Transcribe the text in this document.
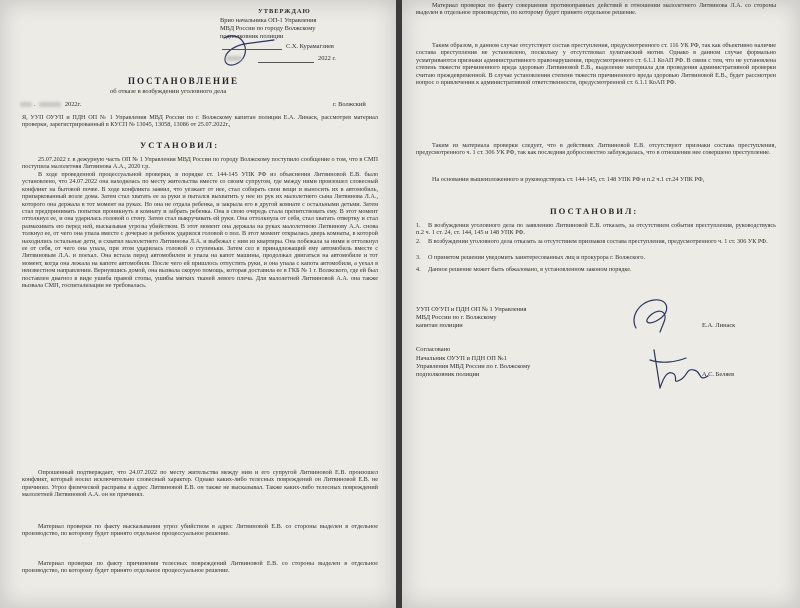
УТВЕРЖДАЮ
Врио начальника ОП-1 Управления
МВД России по городу Волжскому
подполковник полиции
С.Х. Курамагзиев
2022 г.
ПОСТАНОВЛЕНИЕ
об отказе в возбуждении уголовного дела
.	2022г.	г. Волжский
Я, УУП ОУУП и ПДН ОП № 1 Управления МВД России по г. Волжскому капитан полиции Е.А. Линаск, рассмотрев материал проверки, зарегистрированный в КУСП № 13045, 13058, 13086 от 25.07.2022г.,
УСТАНОВИЛ:
25.07.2022 г. в дежурную часть ОП № 1 Управления МВД России по городу Волжскому поступило сообщение о том, что в СМП поступила малолетняя Литвинова А.А., 2020 г.р.
В ходе проведенной процессуальной проверки, в порядке ст. 144-145 УПК РФ из объяснения Литвиновой Е.В. было установлено, что 24.07.2022 она находилась по месту жительства вместе со своим супругом, где между ними произошел словесный конфликт на бытовой почве. В ходе конфликта заявил, что уезжает от нее, стал собирать свои вещи и выносить их в автомобиль, припаркованный возле дома. Затем стал хватать ее за руки и пытался выхватить у нее из рук их малолетнего сына Литвинова Л.А., которого она держала в тот момент на руках. Но она не отдала ребенка, и закрыла его в другой комнате с остальными детьми. Затем стал предпринимать попытки проникнуть в комнату и забрать ребенка. Она в свою очередь стала препятствовать ему. В этот момент оттолкнул ее, и она ударилась головой о стену. Затем стал выкручивать ей руки. Она оттолкнула от себя, стал хватать отвертку и стал размахивать ею перед ней, высказывая угрозы убийством. В этот момент она держала на руках малолетнюю Литвинову А.А. снова толкнул ее, от чего она упала вместе с дочерью и ребенок ударился головой о пол. В этот момент открылась дверь комнаты, в которой находились остальные дети, и схватил малолетнего Литвинова Л.А. и выбежал с ним из квартиры. Она побежала за ними и оттолкнул ее от себя, от чего она упала, при этом ударилась головой о ступеньки. Затем сел в принадлежащий ему автомобиль вместе с Литвиновым Л.А. и поехал. Она встала перед автомобилем и упала на капот машины, продолжал двигаться на автомобиле и тот момент, когда она лежала на капоте автомобиля. После чего ей пришлось отпустить руки, и она упала с капота автомобиля, а уехал в неизвестном направлении. Вернувшись домой, она вызвала скорую помощь, которая доставила ее в ГКБ № 1 г. Волжского, где ей был поставлен диагноз в виде ушиба правой стопы, ушибы мягких тканей левого плеча. Для малолетней Литвиновой А.А. она также вызвала СМП, госпитализации не требовалась.
Опрошенный подтверждает, что 24.07.2022 по месту жительства между ним и его супругой Литвиновой Е.В. произошел конфликт, который носил исключительно словесный характер. Однако каких-либо телесных повреждений он Литвиновой Е.В. не причинил. Угроз физической расправы в адрес Литвиновой Е.В. он также не высказывал. Также каких-либо телесных повреждений малолетней Литвиновой А.А. он не причинял.
Материал проверки по факту высказывания угроз убийством в адрес Литвиновой Е.В. со стороны выделен в отдельное производство, по которому будет принято отдельное процессуальное решение.
Материал проверки по факту причинения телесных повреждений Литвиновой Е.В. со стороны выделен в отдельное производство, по которому будет принято отдельное процессуальное решение.
Материал проверки по факту совершения противоправных действий в отношении малолетнего Литвинова Л.А. со стороны выделен в отдельное производство, по которому будет принято отдельное решение.
Таким образом, в данном случае отсутствует состав преступления, предусмотренного ст. 116 УК РФ, так как объективно наличие состава преступления не установлено, поскольку у отсутствовал хулиганский мотив. Однако в данном случае формально усматриваются признаки административного правонарушения, предусмотренного ст. 6.1.1 КоАП РФ. В связи с тем, что не установлена степень тяжести причиненного вреда здоровью Литвиновой Е.В., выделение материала для проведения административной проверки считаю преждевременной. В случае установления степени тяжести причиненного вреда здоровью Литвиновой Е.В., будет рассмотрен вопрос о привлечении к административной ответственности, предусмотренной ст. 6.1.1 КоАП РФ.
Таким из материала проверки следует, что в действиях Литвиновой Е.В. отсутствуют признаки состава преступления, предусмотренного ч. 1 ст. 306 УК РФ, так как последняя добросовестно заблуждалась, что в отношении нее совершено преступление.
На основании вышеизложенного и руководствуясь ст. 144-145, ст. 148 УПК РФ и п.2 ч.1 ст.24 УПК РФ,
ПОСТАНОВИЛ:
1. В возбуждении уголовного дела по заявлению Литвиновой Е.В. отказать, за отсутствием события преступления, руководствуясь п.2 ч. 1 ст. 24, ст. 144, 145 и 148 УПК РФ.
2. В возбуждении уголовного дела отказать за отсутствием признаков состава преступления, предусмотренного ч. 1 ст. 306 УК РФ.
3. О принятом решении уведомить заинтересованных лиц и прокурора г. Волжского.
4. Данное решение может быть обжаловано, в установленном законом порядке.
УУП ОУУП и ПДН ОП № 1 Управления
МВД России по г. Волжскому
капитан полиции	Е.А. Линаск
Согласовано
Начальник ОУУП и ПДН ОП №1
Управления МВД России по г. Волжскому
подполковник полиции	А.С. Беляев
